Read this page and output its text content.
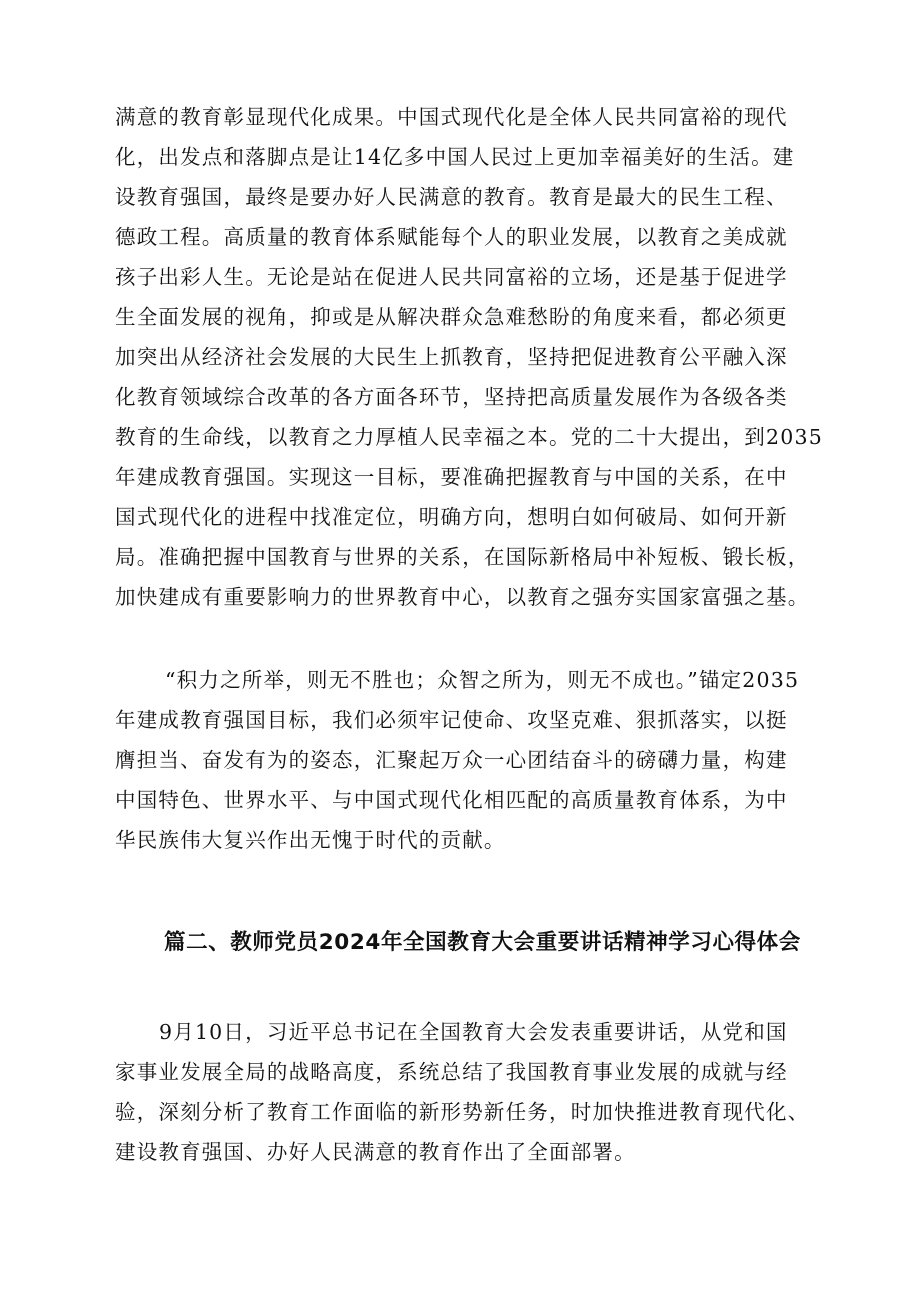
满意的教育彰显现代化成果。中国式现代化是全体人民共同富裕的现代
化，出发点和落脚点是让14亿多中国人民过上更加幸福美好的生活。建
设教育强国，最终是要办好人民满意的教育。教育是最大的民生工程、
德政工程。高质量的教育体系赋能每个人的职业发展，以教育之美成就
孩子出彩人生。无论是站在促进人民共同富裕的立场，还是基于促进学
生全面发展的视角，抑或是从解决群众急难愁盼的角度来看，都必须更
加突出从经济社会发展的大民生上抓教育，坚持把促进教育公平融入深
化教育领域综合改革的各方面各环节，坚持把高质量发展作为各级各类
教育的生命线，以教育之力厚植人民幸福之本。党的二十大提出，到2035
年建成教育强国。实现这一目标，要准确把握教育与中国的关系，在中
国式现代化的进程中找准定位，明确方向，想明白如何破局、如何开新
局。准确把握中国教育与世界的关系，在国际新格局中补短板、锻长板，
加快建成有重要影响力的世界教育中心，以教育之强夯实国家富强之基。
“积力之所举，则无不胜也；众智之所为，则无不成也。”锚定2035
年建成教育强国目标，我们必须牢记使命、攻坚克难、狠抓落实，以挺
膺担当、奋发有为的姿态，汇聚起万众一心团结奋斗的磅礴力量，构建
中国特色、世界水平、与中国式现代化相匹配的高质量教育体系，为中
华民族伟大复兴作出无愧于时代的贡献。
篇二、教师党员2024年全国教育大会重要讲话精神学习心得体会
9月10日，习近平总书记在全国教育大会发表重要讲话，从党和国
家事业发展全局的战略高度，系统总结了我国教育事业发展的成就与经
验，深刻分析了教育工作面临的新形势新任务，时加快推进教育现代化、
建设教育强国、办好人民满意的教育作出了全面部署。
